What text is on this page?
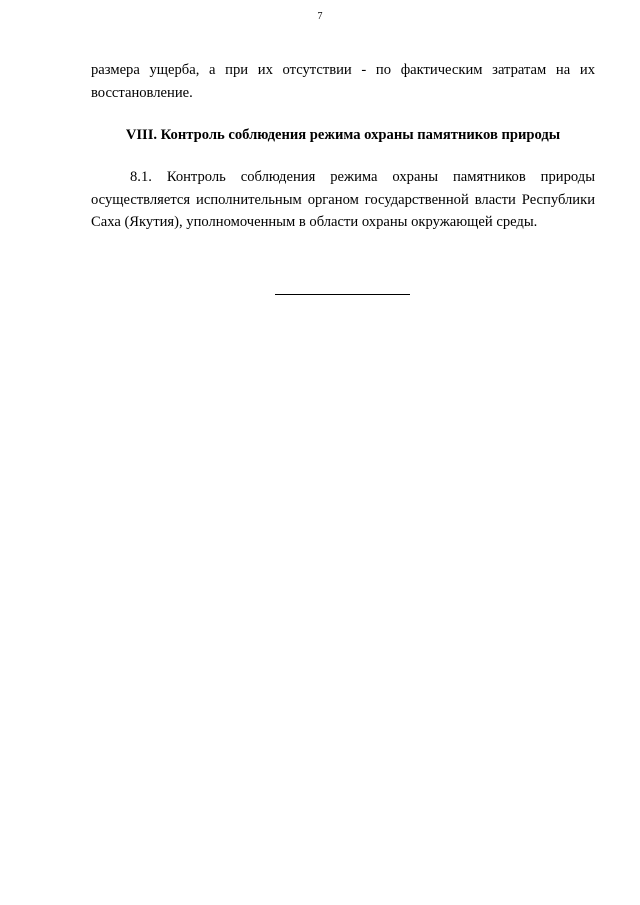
7

размера ущерба, а при их отсутствии - по фактическим затратам на их восстановление.

VIII. Контроль соблюдения режима охраны памятников природы

8.1. Контроль соблюдения режима охраны памятников природы осуществляется исполнительным органом государственной власти Республики Саха (Якутия), уполномоченным в области охраны окружающей среды.
